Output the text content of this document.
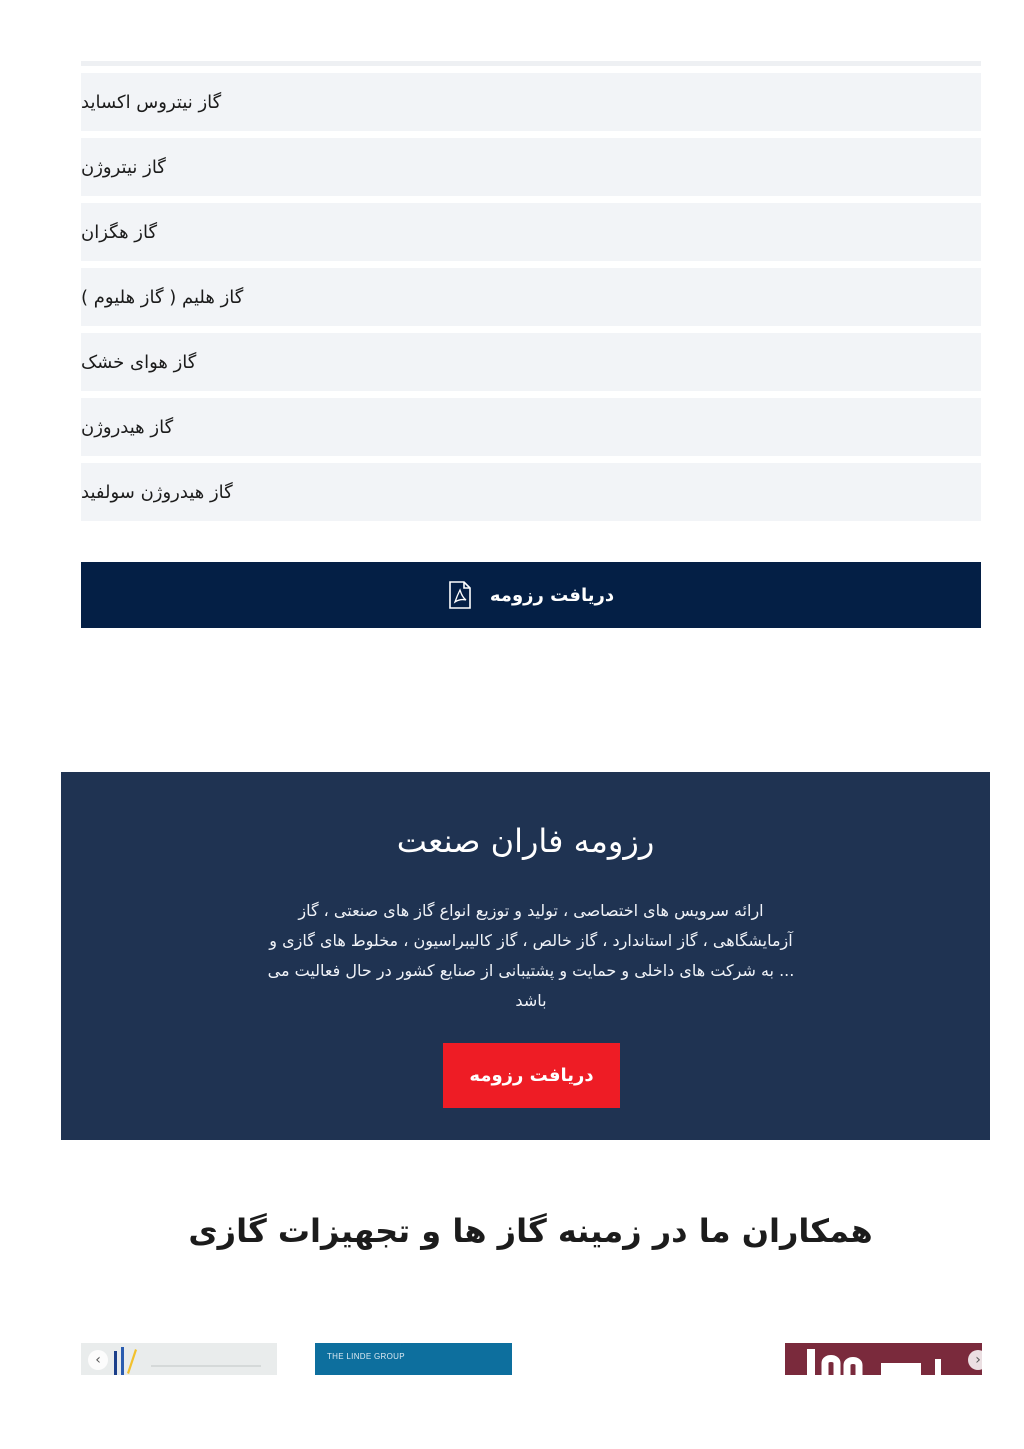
گاز نیتروس اکساید
گاز نیتروژن
گاز هگزان
گاز هلیم ( گاز هلیوم )
گاز هوای خشک
گاز هیدروژن
گاز هیدروژن سولفید
دریافت رزومه
رزومه فاران صنعت

ارائه سرویس های اختصاصی ، تولید و توزیع انواع گاز های صنعتی ، گاز آزمایشگاهی ، گاز استاندارد ، گاز خالص ، گاز کالیبراسیون ، مخلوط های گازی و ... به شرکت های داخلی و حمایت و پشتیبانی از صنایع کشور در حال فعالیت می باشد

دریافت رزومه
همکاران ما در زمینه گاز ها و تجهیزات گازی
THE LINDE GROUP
‹	›
